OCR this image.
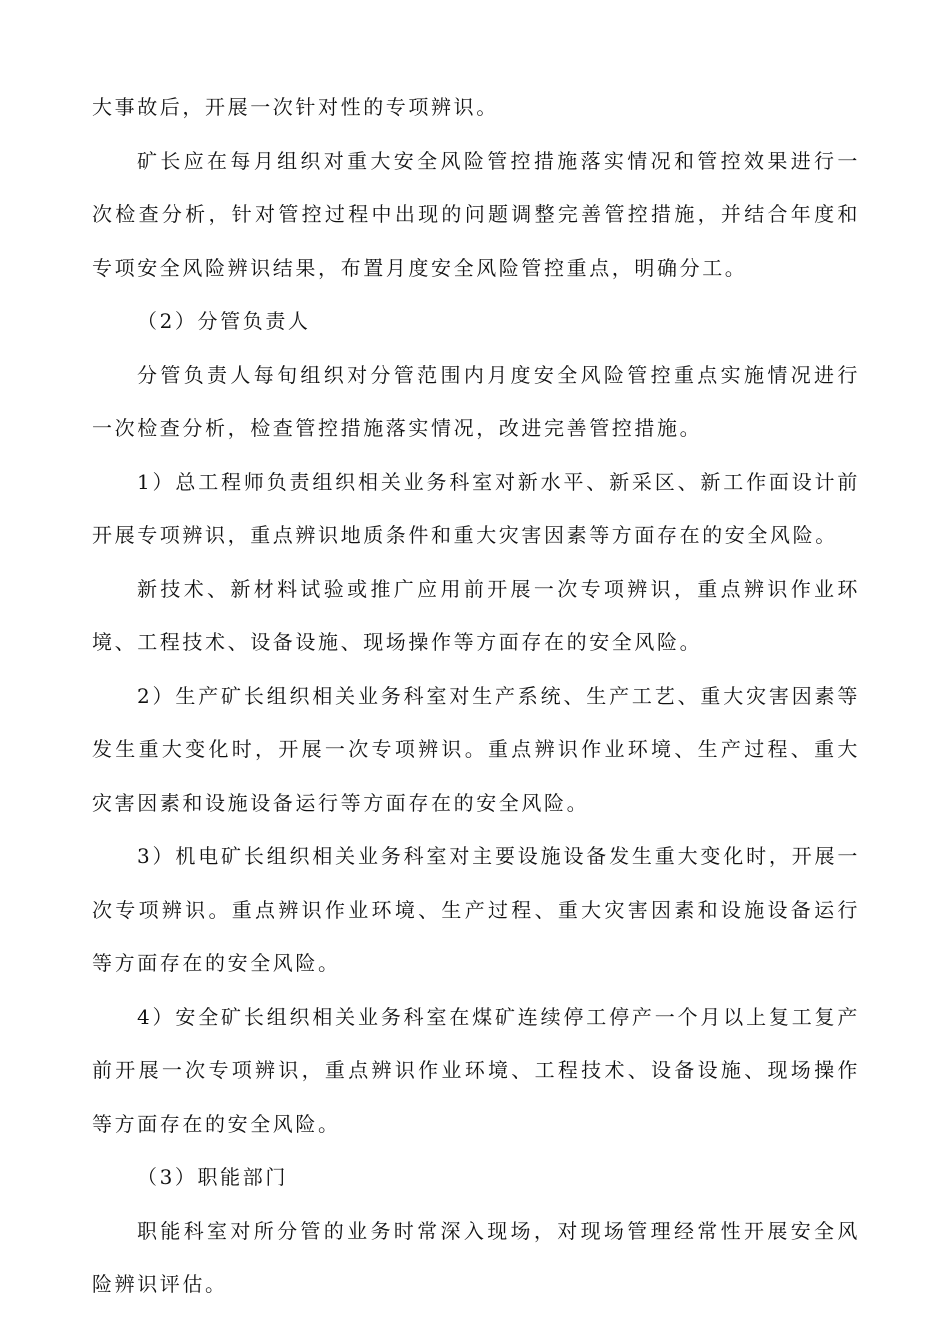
大事故后，开展一次针对性的专项辨识。

矿长应在每月组织对重大安全风险管控措施落实情况和管控效果进行一次检查分析，针对管控过程中出现的问题调整完善管控措施，并结合年度和专项安全风险辨识结果，布置月度安全风险管控重点，明确分工。

（2）分管负责人

分管负责人每旬组织对分管范围内月度安全风险管控重点实施情况进行一次检查分析，检查管控措施落实情况，改进完善管控措施。

1）总工程师负责组织相关业务科室对新水平、新采区、新工作面设计前开展专项辨识，重点辨识地质条件和重大灾害因素等方面存在的安全风险。

新技术、新材料试验或推广应用前开展一次专项辨识，重点辨识作业环境、工程技术、设备设施、现场操作等方面存在的安全风险。

2）生产矿长组织相关业务科室对生产系统、生产工艺、重大灾害因素等发生重大变化时，开展一次专项辨识。重点辨识作业环境、生产过程、重大灾害因素和设施设备运行等方面存在的安全风险。

3）机电矿长组织相关业务科室对主要设施设备发生重大变化时，开展一次专项辨识。重点辨识作业环境、生产过程、重大灾害因素和设施设备运行等方面存在的安全风险。

4）安全矿长组织相关业务科室在煤矿连续停工停产一个月以上复工复产前开展一次专项辨识，重点辨识作业环境、工程技术、设备设施、现场操作等方面存在的安全风险。

（3）职能部门

职能科室对所分管的业务时常深入现场，对现场管理经常性开展安全风险辨识评估。
